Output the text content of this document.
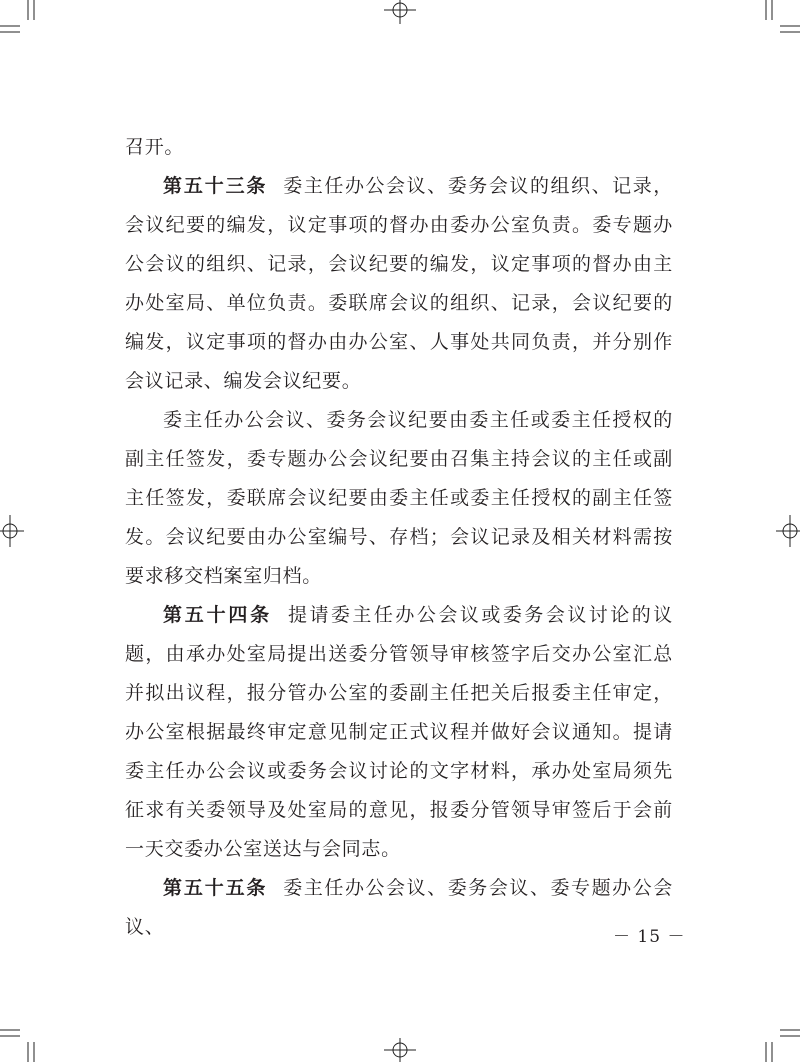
召开。

第五十三条 委主任办公会议、委务会议的组织、记录，会议纪要的编发，议定事项的督办由委办公室负责。委专题办公会议的组织、记录，会议纪要的编发，议定事项的督办由主办处室局、单位负责。委联席会议的组织、记录，会议纪要的编发，议定事项的督办由办公室、人事处共同负责，并分别作会议记录、编发会议纪要。

委主任办公会议、委务会议纪要由委主任或委主任授权的副主任签发，委专题办公会议纪要由召集主持会议的主任或副主任签发，委联席会议纪要由委主任或委主任授权的副主任签发。会议纪要由办公室编号、存档；会议记录及相关材料需按要求移交档案室归档。

第五十四条 提请委主任办公会议或委务会议讨论的议题，由承办处室局提出送委分管领导审核签字后交办公室汇总并拟出议程，报分管办公室的委副主任把关后报委主任审定，办公室根据最终审定意见制定正式议程并做好会议通知。提请委主任办公会议或委务会议讨论的文字材料，承办处室局须先征求有关委领导及处室局的意见，报委分管领导审签后于会前一天交委办公室送达与会同志。

第五十五条 委主任办公会议、委务会议、委专题办公会议、	－ 15 －
